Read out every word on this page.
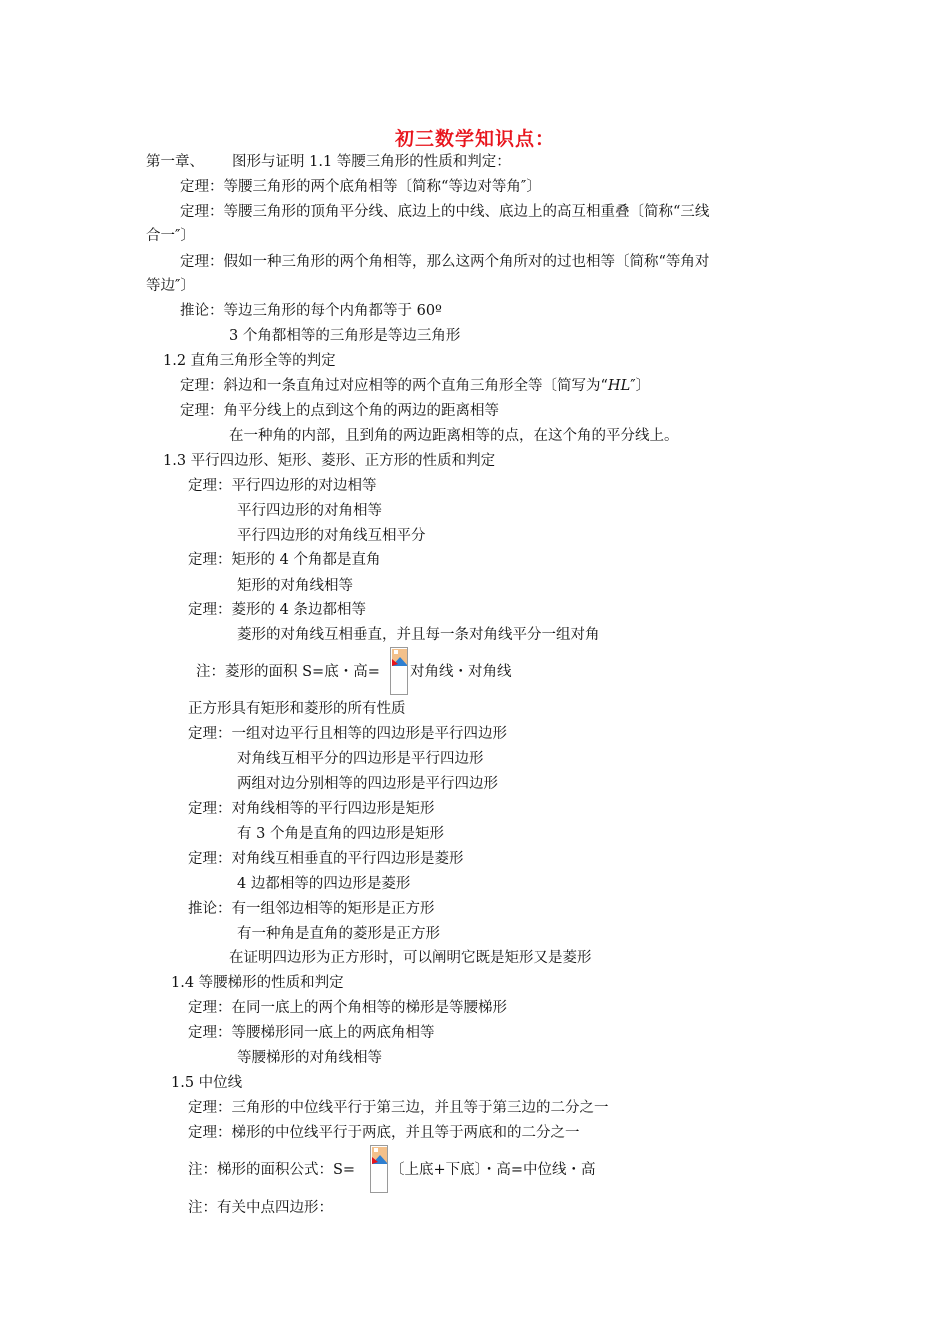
初三数学知识点：
第一章、 图形与证明 1.1 等腰三角形的性质和判定：
定理：等腰三角形的两个底角相等〔简称“等边对等角″〕
定理：等腰三角形的顶角平分线、底边上的中线、底边上的高互相重叠〔简称“三线
合一″〕
定理：假如一种三角形的两个角相等，那么这两个角所对的过也相等〔简称“等角对
等边″〕
推论：等边三角形的每个内角都等于 60º
3 个角都相等的三角形是等边三角形
1.2 直角三角形全等的判定
定理：斜边和一条直角过对应相等的两个直角三角形全等〔简写为“HL″〕
定理：角平分线上的点到这个角的两边的距离相等
在一种角的内部，且到角的两边距离相等的点，在这个角的平分线上。
1.3 平行四边形、矩形、菱形、正方形的性质和判定
定理：平行四边形的对边相等
平行四边形的对角相等
平行四边形的对角线互相平分
定理：矩形的 4 个角都是直角
矩形的对角线相等
定理：菱形的 4 条边都相等
菱形的对角线互相垂直，并且每一条对角线平分一组对角
注：菱形的面积 S=底・高= 对角线・对角线
正方形具有矩形和菱形的所有性质
定理：一组对边平行且相等的四边形是平行四边形
对角线互相平分的四边形是平行四边形
两组对边分别相等的四边形是平行四边形
定理：对角线相等的平行四边形是矩形
有 3 个角是直角的四边形是矩形
定理：对角线互相垂直的平行四边形是菱形
4 边都相等的四边形是菱形
推论：有一组邻边相等的矩形是正方形
有一种角是直角的菱形是正方形
在证明四边形为正方形时，可以阐明它既是矩形又是菱形
1.4 等腰梯形的性质和判定
定理：在同一底上的两个角相等的梯形是等腰梯形
定理：等腰梯形同一底上的两底角相等
等腰梯形的对角线相等
1.5 中位线
定理：三角形的中位线平行于第三边，并且等于第三边的二分之一
定理：梯形的中位线平行于两底，并且等于两底和的二分之一
注：梯形的面积公式：S= 〔上底+下底〕・高=中位线・高
注：有关中点四边形：
